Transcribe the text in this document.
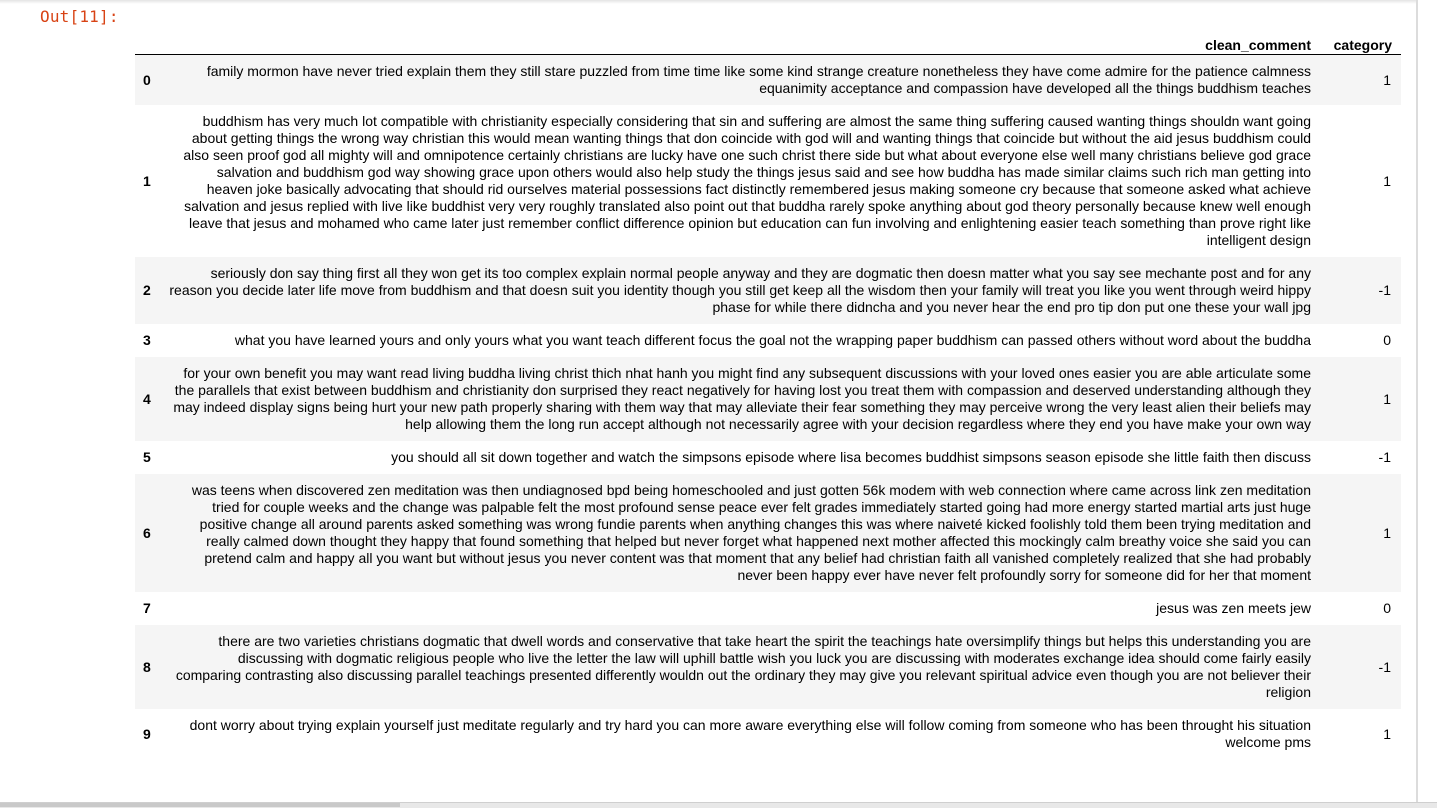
Out[11]:
	clean_comment	category
0	family mormon have never tried explain them they still stare puzzled from time time like some kind strange creature nonetheless they have come admire for the patience calmness equanimity acceptance and compassion have developed all the things buddhism teaches	1
1	buddhism has very much lot compatible with christianity especially considering that sin and suffering are almost the same thing suffering caused wanting things shouldn want going about getting things the wrong way christian this would mean wanting things that don coincide with god will and wanting things that coincide but without the aid jesus buddhism could also seen proof god all mighty will and omnipotence certainly christians are lucky have one such christ there side but what about everyone else well many christians believe god grace salvation and buddhism god way showing grace upon others would also help study the things jesus said and see how buddha has made similar claims such rich man getting into heaven joke basically advocating that should rid ourselves material possessions fact distinctly remembered jesus making someone cry because that someone asked what achieve salvation and jesus replied with live like buddhist very very roughly translated also point out that buddha rarely spoke anything about god theory personally because knew well enough leave that jesus and mohamed who came later just remember conflict difference opinion but education can fun involving and enlightening easier teach something than prove right like intelligent design	1
2	seriously don say thing first all they won get its too complex explain normal people anyway and they are dogmatic then doesn matter what you say see mechante post and for any reason you decide later life move from buddhism and that doesn suit you identity though you still get keep all the wisdom then your family will treat you like you went through weird hippy phase for while there didncha and you never hear the end pro tip don put one these your wall jpg	-1
3	what you have learned yours and only yours what you want teach different focus the goal not the wrapping paper buddhism can passed others without word about the buddha	0
4	for your own benefit you may want read living buddha living christ thich nhat hanh you might find any subsequent discussions with your loved ones easier you are able articulate some the parallels that exist between buddhism and christianity don surprised they react negatively for having lost you treat them with compassion and deserved understanding although they may indeed display signs being hurt your new path properly sharing with them way that may alleviate their fear something they may perceive wrong the very least alien their beliefs may help allowing them the long run accept although not necessarily agree with your decision regardless where they end you have make your own way	1
5	you should all sit down together and watch the simpsons episode where lisa becomes buddhist simpsons season episode she little faith then discuss	-1
6	was teens when discovered zen meditation was then undiagnosed bpd being homeschooled and just gotten 56k modem with web connection where came across link zen meditation tried for couple weeks and the change was palpable felt the most profound sense peace ever felt grades immediately started going had more energy started martial arts just huge positive change all around parents asked something was wrong fundie parents when anything changes this was where naiveté kicked foolishly told them been trying meditation and really calmed down thought they happy that found something that helped but never forget what happened next mother affected this mockingly calm breathy voice she said you can pretend calm and happy all you want but without jesus you never content was that moment that any belief had christian faith all vanished completely realized that she had probably never been happy ever have never felt profoundly sorry for someone did for her that moment	1
7	jesus was zen meets jew	0
8	there are two varieties christians dogmatic that dwell words and conservative that take heart the spirit the teachings hate oversimplify things but helps this understanding you are discussing with dogmatic religious people who live the letter the law will uphill battle wish you luck you are discussing with moderates exchange idea should come fairly easily comparing contrasting also discussing parallel teachings presented differently wouldn out the ordinary they may give you relevant spiritual advice even though you are not believer their religion	-1
9	dont worry about trying explain yourself just meditate regularly and try hard you can more aware everything else will follow coming from someone who has been throught his situation welcome pms	1
